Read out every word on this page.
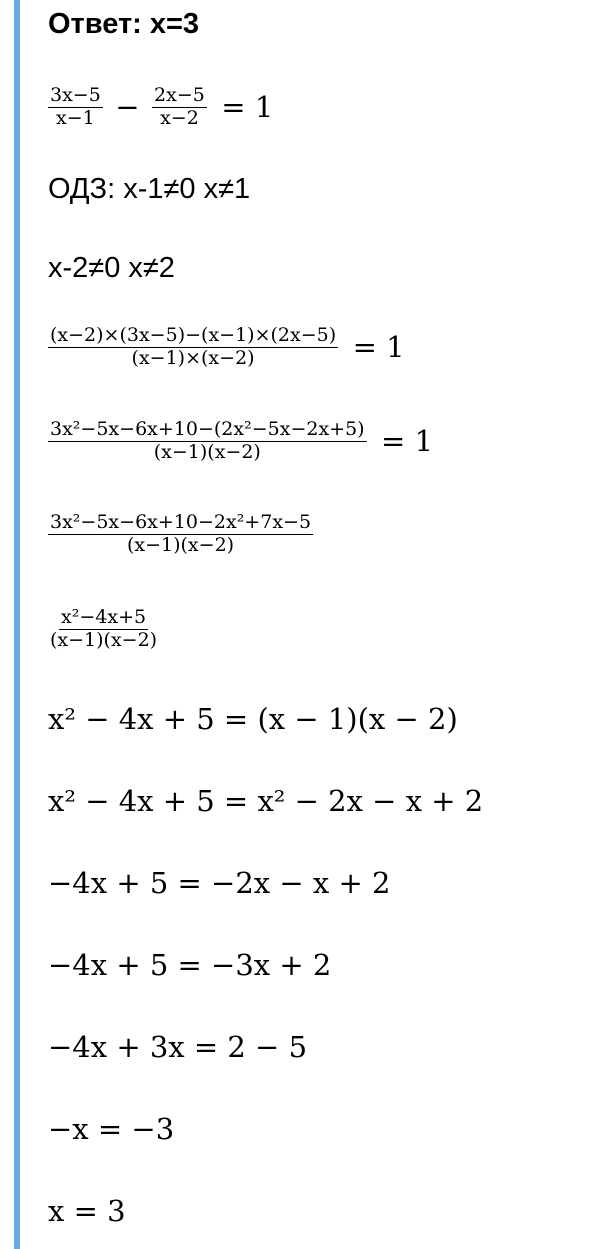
Ответ: x=3
$\frac{3x-5}{x-1} - \frac{2x-5}{x-2} = 1$
ОДЗ: x-1≠0 x≠1
x-2≠0 x≠2
$\frac{(x-2)\times(3x-5)-(x-1)\times(2x-5)}{(x-1)\times(x-2)} = 1$
$\frac{\text{3x²−5x−6x+10−(2x²−5x−2x+5)}}{(x-1)(x-2)} = 1$
$\frac{\text{3x²−5x−6x+10−2x²+7x−5}}{(x-1)(x-2)}$
$\frac{\text{x²−4x+5}}{(x-1)(x-2)}$
x² − 4x + 5 = (x − 1)(x − 2)
x² − 4x + 5 = x² − 2x − x + 2
−4x + 5 = −2x − x + 2
−4x + 5 = −3x + 2
−4x + 3x = 2 − 5
−x = −3
x = 3
